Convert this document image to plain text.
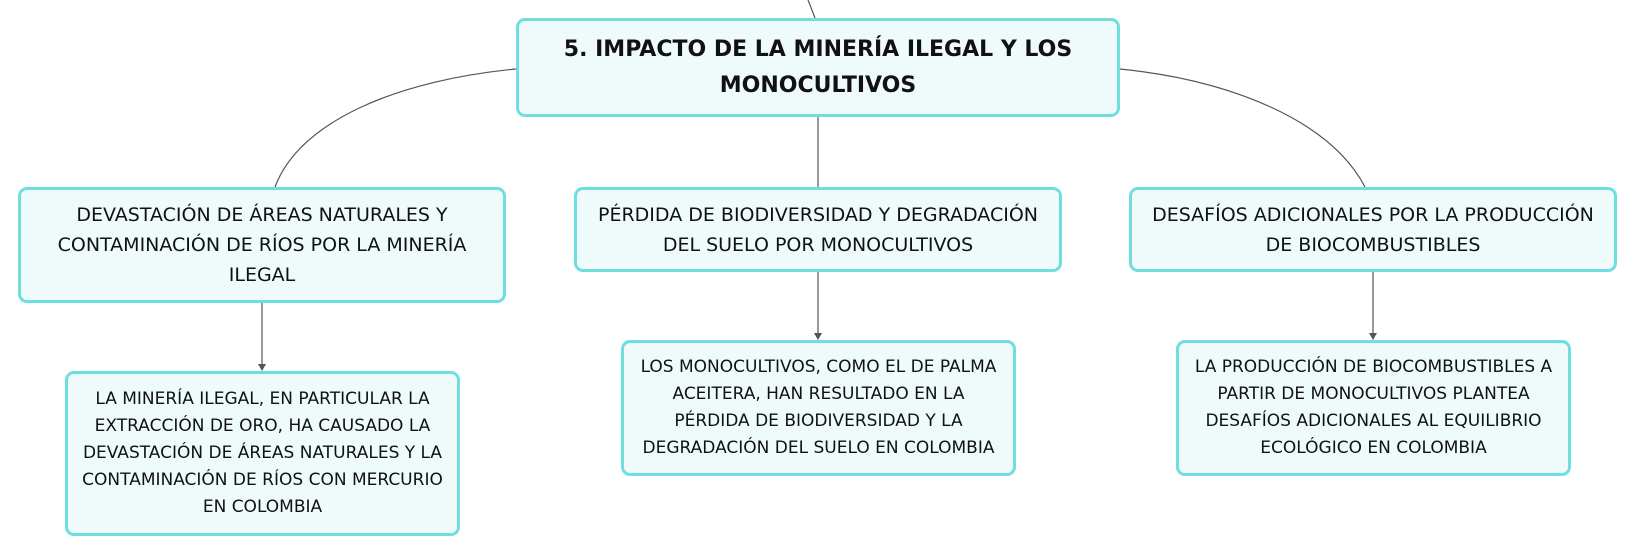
5. IMPACTO DE LA MINERÍA ILEGAL Y LOS MONOCULTIVOS
DEVASTACIÓN DE ÁREAS NATURALES Y CONTAMINACIÓN DE RÍOS POR LA MINERÍA ILEGAL
PÉRDIDA DE BIODIVERSIDAD Y DEGRADACIÓN DEL SUELO POR MONOCULTIVOS
DESAFÍOS ADICIONALES POR LA PRODUCCIÓN DE BIOCOMBUSTIBLES
LA MINERÍA ILEGAL, EN PARTICULAR LA EXTRACCIÓN DE ORO, HA CAUSADO LA DEVASTACIÓN DE ÁREAS NATURALES Y LA CONTAMINACIÓN DE RÍOS CON MERCURIO EN COLOMBIA
LOS MONOCULTIVOS, COMO EL DE PALMA ACEITERA, HAN RESULTADO EN LA PÉRDIDA DE BIODIVERSIDAD Y LA DEGRADACIÓN DEL SUELO EN COLOMBIA
LA PRODUCCIÓN DE BIOCOMBUSTIBLES A PARTIR DE MONOCULTIVOS PLANTEA DESAFÍOS ADICIONALES AL EQUILIBRIO ECOLÓGICO EN COLOMBIA
